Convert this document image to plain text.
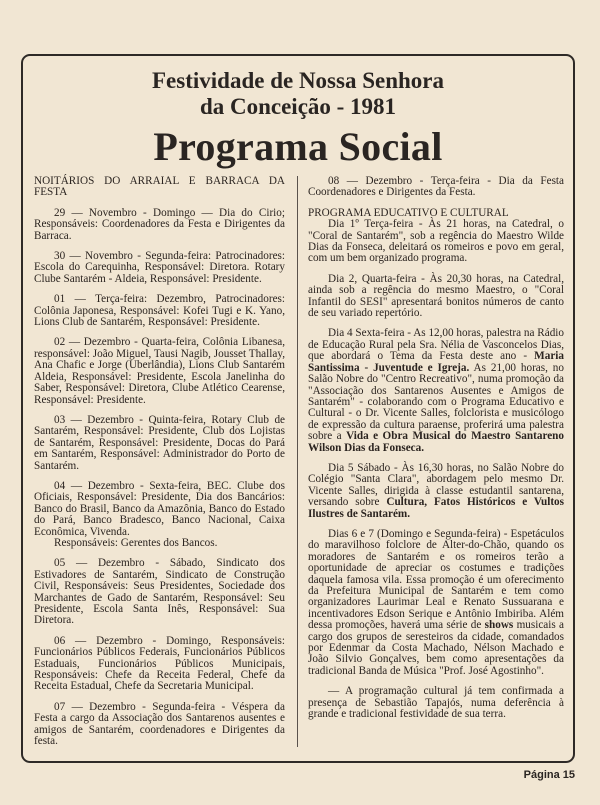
Festividade de Nossa Senhora
da Conceição - 1981
Programa Social

NOITÁRIOS DO ARRAIAL E BARRACA DA FESTA

29 — Novembro - Domingo — Dia do Cirio; Responsáveis: Coordenadores da Festa e Dirigentes da Barraca.

30 — Novembro - Segunda-feira: Patrocinadores: Escola do Carequinha, Responsável: Diretora. Rotary Clube Santarém - Aldeia, Responsável: Presidente.

01 — Terça-feira: Dezembro, Patrocinadores: Colônia Japonesa, Responsável: Kofei Tugi e K. Yano, Lions Club de Santarém, Responsável: Presidente.

02 — Dezembro - Quarta-feira, Colônia Libanesa, responsável: João Miguel, Tausi Nagib, Jousset Thallay, Ana Chafic e Jorge (Uberlândia), Lions Club Santarém Aldeia, Responsável: Presidente, Escola Janelinha do Saber, Responsável: Diretora, Clube Atlético Cearense, Responsável: Presidente.

03 — Dezembro - Quinta-feira, Rotary Club de Santarém, Responsável: Presidente, Club dos Lojistas de Santarém, Responsável: Presidente, Docas do Pará em Santarém, Responsável: Administrador do Porto de Santarém.

04 — Dezembro - Sexta-feira, BEC. Clube dos Oficiais, Responsável: Presidente, Dia dos Bancários: Banco do Brasil, Banco da Amazônia, Banco do Estado do Pará, Banco Bradesco, Banco Nacional, Caixa Econômica, Vivenda.

Responsáveis: Gerentes dos Bancos.

05 — Dezembro - Sábado, Sindicato dos Estivadores de Santarém, Sindicato de Construção Civil, Responsáveis: Seus Presidentes, Sociedade dos Marchantes de Gado de Santarém, Responsável: Seu Presidente, Escola Santa Inês, Responsável: Sua Diretora.

06 — Dezembro - Domingo, Responsáveis: Funcionários Públicos Federais, Funcionários Públicos Estaduais, Funcionários Públicos Municipais, Responsáveis: Chefe da Receita Federal, Chefe da Receita Estadual, Chefe da Secretaria Municipal.

07 — Dezembro - Segunda-feira - Véspera da Festa a cargo da Associação dos Santarenos ausentes e amigos de Santarém, coordenadores e Dirigentes da festa.

08 — Dezembro - Terça-feira - Dia da Festa Coordenadores e Dirigentes da Festa.

PROGRAMA EDUCATIVO E CULTURAL

Dia 1º Terça-feira - Às 21 horas, na Catedral, o "Coral de Santarém", sob a regência do Maestro Wilde Dias da Fonseca, deleitará os romeiros e povo em geral, com um bem organizado programa.

Dia 2, Quarta-feira - Às 20,30 horas, na Catedral, ainda sob a regência do mesmo Maestro, o "Coral Infantil do SESI" apresentará bonitos números de canto de seu variado repertório.

Dia 4 Sexta-feira - As 12,00 horas, palestra na Rádio de Educação Rural pela Sra. Nélia de Vasconcelos Dias, que abordará o Tema da Festa deste ano - Maria Santissima - Juventude e Igreja. As 21,00 horas, no Salão Nobre do "Centro Recreativo", numa promoção da "Associação dos Santarenos Ausentes e Amigos de Santarém" - colaborando com o Programa Educativo e Cultural - o Dr. Vicente Salles, folclorista e musicólogo de expressão da cultura paraense, proferirá uma palestra sobre a Vida e Obra Musical do Maestro Santareno Wilson Dias da Fonseca.

Dia 5 Sábado - Às 16,30 horas, no Salão Nobre do Colégio "Santa Clara", abordagem pelo mesmo Dr. Vicente Salles, dirigida à classe estudantil santarena, versando sobre Cultura, Fatos Históricos e Vultos Ilustres de Santarém.

Dias 6 e 7 (Domingo e Segunda-feira) - Espetáculos do maravilhoso folclore de Alter-do-Chão, quando os moradores de Santarém e os romeiros terão a oportunidade de apreciar os costumes e tradições daquela famosa vila. Essa promoção é um oferecimento da Prefeitura Municipal de Santarém e tem como organizadores Laurimar Leal e Renato Sussuarana e incentivadores Edson Serique e Antônio Imbiriba. Além dessa promoções, haverá uma série de shows musicais a cargo dos grupos de seresteiros da cidade, comandados por Edenmar da Costa Machado, Nélson Machado e João Silvio Gonçalves, bem como apresentações da tradicional Banda de Música "Prof. José Agostinho".

— A programação cultural já tem confirmada a presença de Sebastião Tapajós, numa deferência à grande e tradicional festividade de sua terra.

Página 15
